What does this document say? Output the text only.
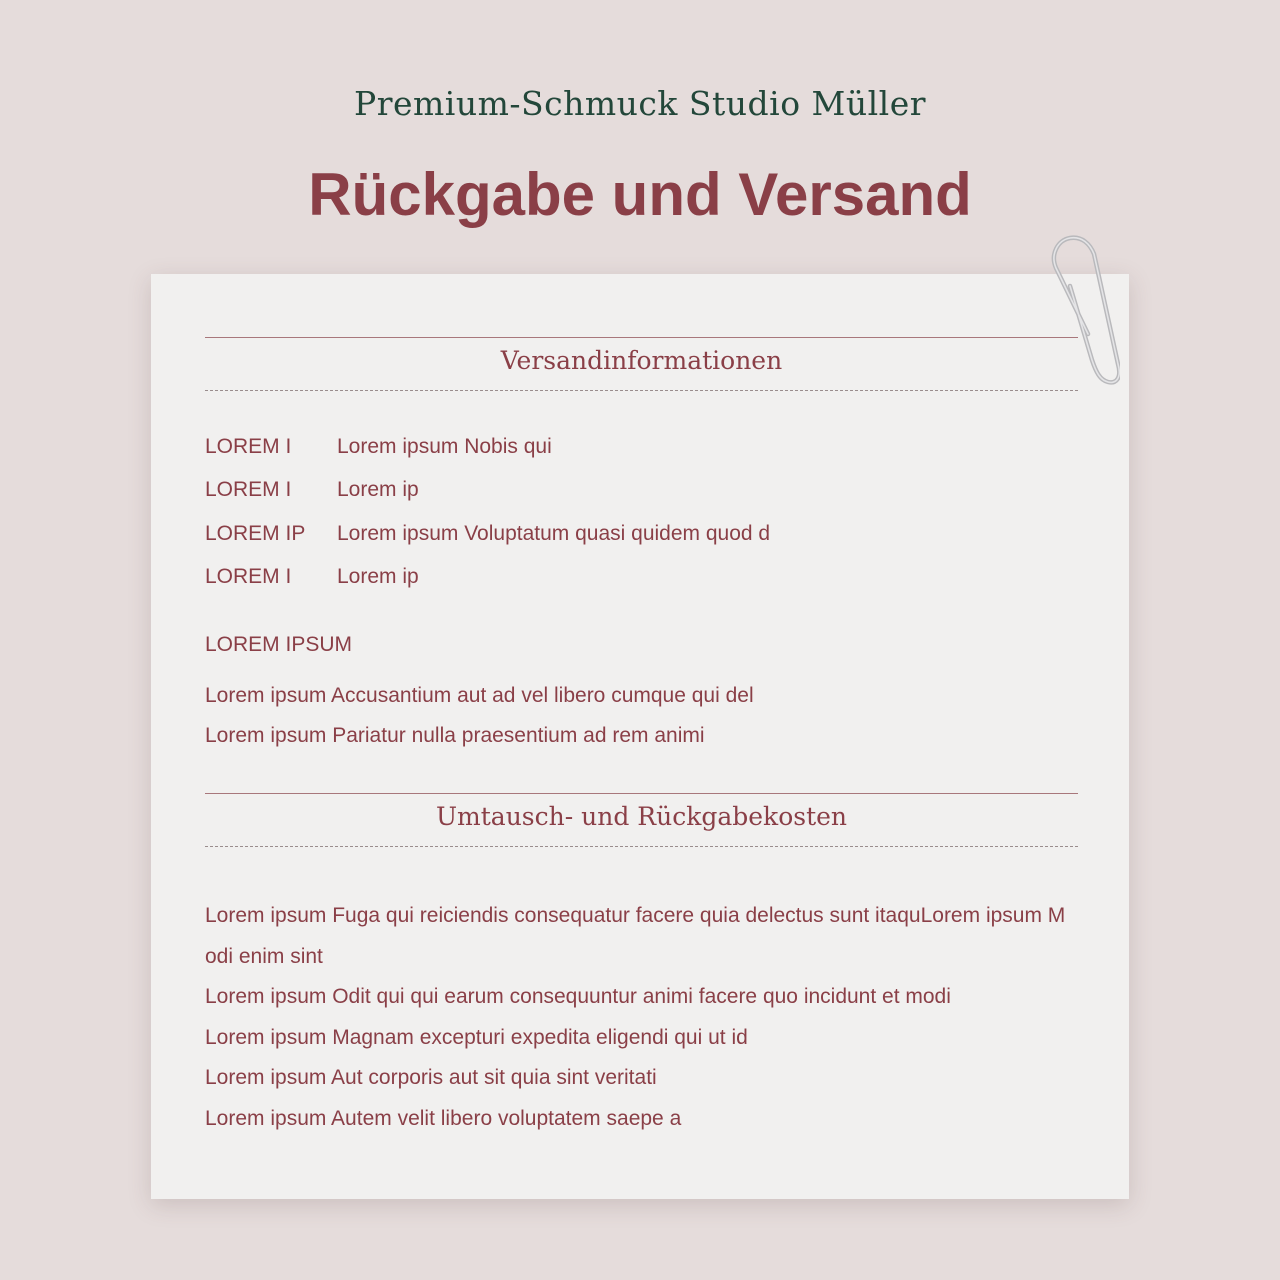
Premium-Schmuck Studio Müller
Rückgabe und Versand
Versandinformationen
LOREM I Lorem ipsum Nobis qui
LOREM I Lorem ip
LOREM IP Lorem ipsum Voluptatum quasi quidem quod d
LOREM I Lorem ip
LOREM IPSUM
Lorem ipsum Accusantium aut ad vel libero cumque qui del
Lorem ipsum Pariatur nulla praesentium ad rem animi
Umtausch- und Rückgabekosten
Lorem ipsum Fuga qui reiciendis consequatur facere quia delectus sunt itaquLorem ipsum M
odi enim sint
Lorem ipsum Odit qui qui earum consequuntur animi facere quo incidunt et modi
Lorem ipsum Magnam excepturi expedita eligendi qui ut id
Lorem ipsum Aut corporis aut sit quia sint veritati
Lorem ipsum Autem velit libero voluptatem saepe a
